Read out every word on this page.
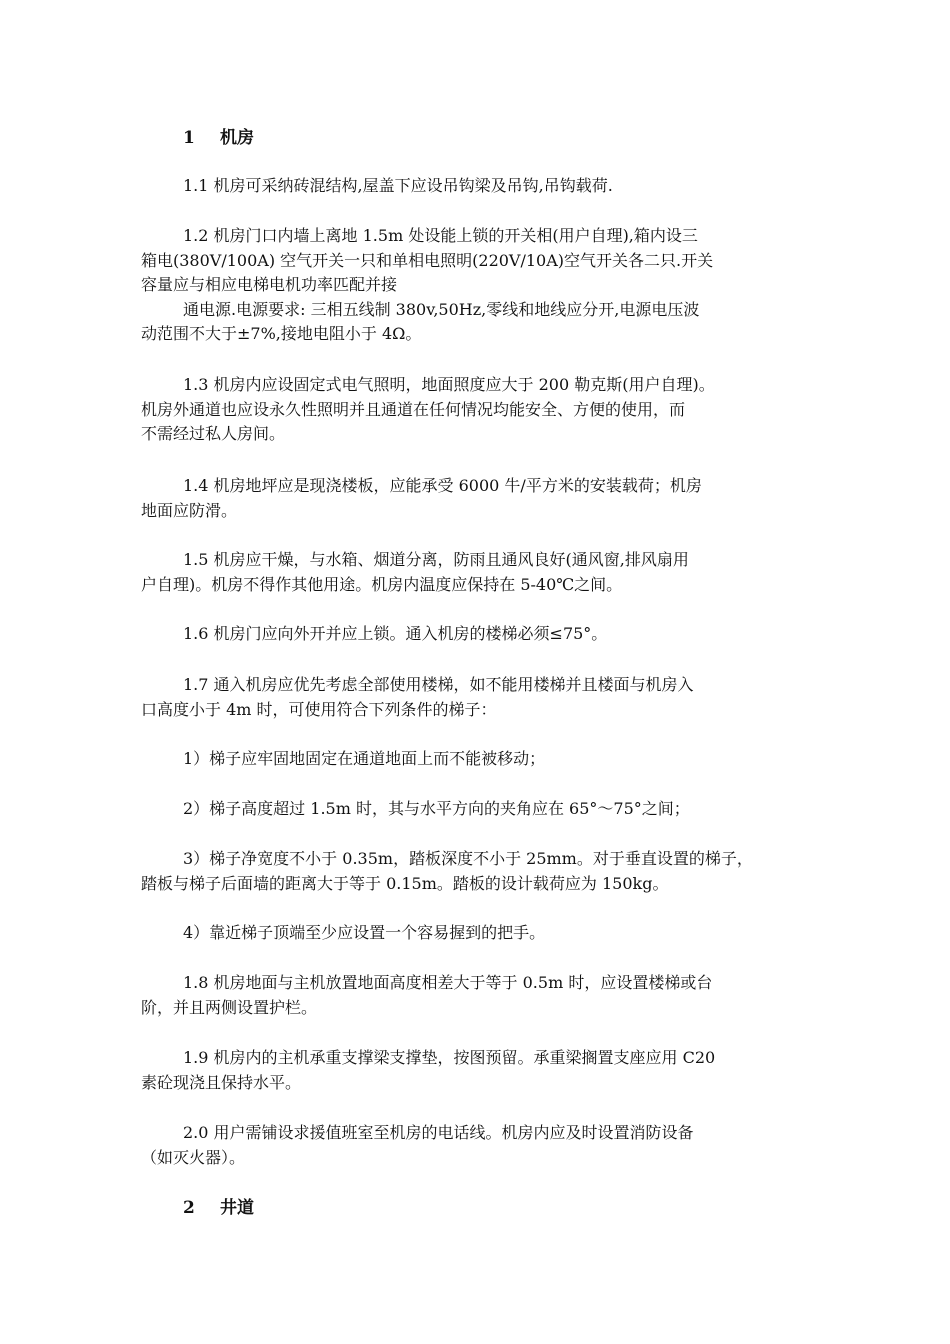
1 机房
1.1 机房可采纳砖混结构,屋盖下应设吊钩梁及吊钩,吊钩载荷.
1.2 机房门口内墙上离地 1.5m 处设能上锁的开关相(用户自理),箱内设三
箱电(380V/100A) 空气开关一只和单相电照明(220V/10A)空气开关各二只.开关
容量应与相应电梯电机功率匹配并接
通电源.电源要求: 三相五线制 380v,50Hz,零线和地线应分开,电源电压波
动范围不大于±7%,接地电阻小于 4Ω。
1.3 机房内应设固定式电气照明，地面照度应大于 200 勒克斯(用户自理)。
机房外通道也应设永久性照明并且通道在任何情况均能安全、方便的使用，而
不需经过私人房间。
1.4 机房地坪应是现浇楼板，应能承受 6000 牛/平方米的安装载荷；机房
地面应防滑。
1.5 机房应干燥，与水箱、烟道分离，防雨且通风良好(通风窗,排风扇用
户自理)。机房不得作其他用途。机房内温度应保持在 5-40℃之间。
1.6 机房门应向外开并应上锁。通入机房的楼梯必须≤75°。
1.7 通入机房应优先考虑全部使用楼梯，如不能用楼梯并且楼面与机房入
口高度小于 4m 时，可使用符合下列条件的梯子：
1）梯子应牢固地固定在通道地面上而不能被移动；
2）梯子高度超过 1.5m 时，其与水平方向的夹角应在 65°～75°之间；
3）梯子净宽度不小于 0.35m，踏板深度不小于 25mm。对于垂直设置的梯子，
踏板与梯子后面墙的距离大于等于 0.15m。踏板的设计载荷应为 150kg。
4）靠近梯子顶端至少应设置一个容易握到的把手。
1.8 机房地面与主机放置地面高度相差大于等于 0.5m 时，应设置楼梯或台
阶，并且两侧设置护栏。
1.9 机房内的主机承重支撑梁支撑垫，按图预留。承重梁搁置支座应用 C20
素砼现浇且保持水平。
2.0 用户需铺设求援值班室至机房的电话线。机房内应及时设置消防设备
（如灭火器）。
2 井道
